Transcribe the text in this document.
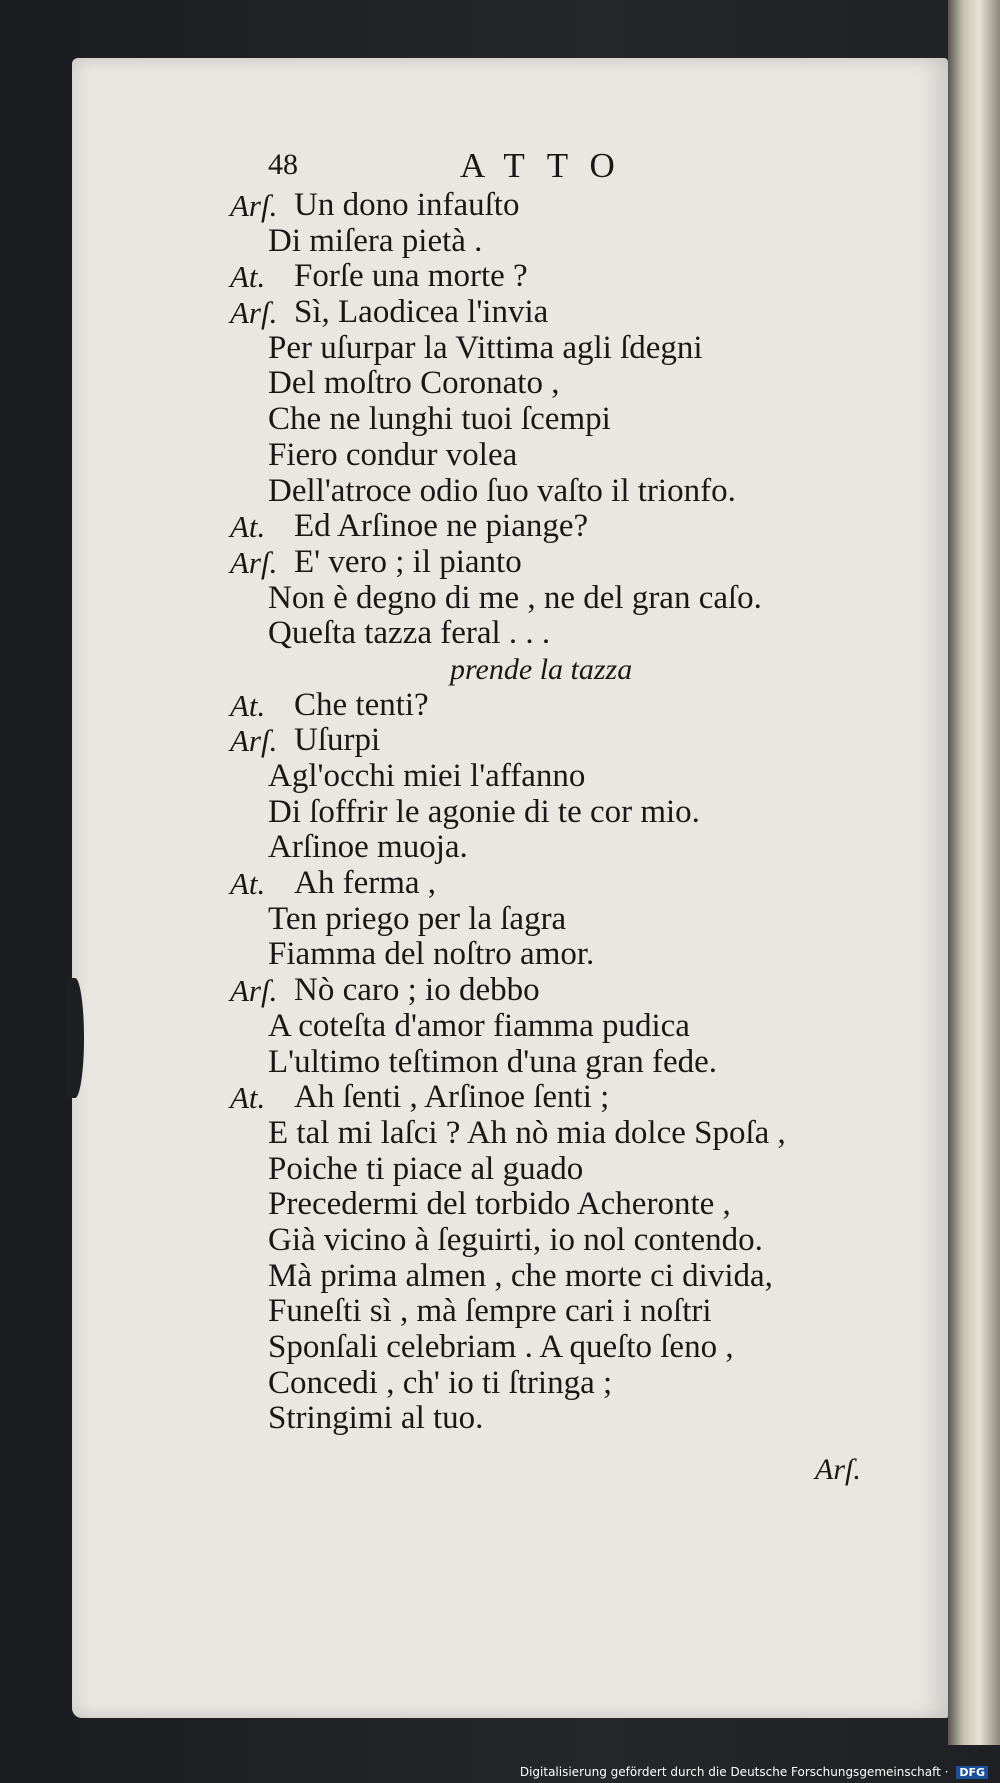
48	ATTO
Arſ. Un dono infauſto
Di miſera pietà .
At. Forſe una morte ?
Arſ. Sì, Laodicea l'invia
Per uſurpar la Vittima agli ſdegni
Del moſtro Coronato ,
Che ne lunghi tuoi ſcempi
Fiero condur volea
Dell'atroce odio ſuo vaſto il trionfo.
At. Ed Arſinoe ne piange?
Arſ. E' vero ; il pianto
Non è degno di me , ne del gran caſo.
Queſta tazza feral . . .
prende la tazza
At. Che tenti?
Arſ. Uſurpi
Agl'occhi miei l'affanno
Di ſoffrir le agonie di te cor mio.
Arſinoe muoja.
At. Ah ferma ,
Ten priego per la ſagra
Fiamma del noſtro amor.
Arſ. Nò caro ; io debbo
A coteſta d'amor fiamma pudica
L'ultimo teſtimon d'una gran fede.
At. Ah ſenti , Arſinoe ſenti ;
E tal mi laſci ? Ah nò mia dolce Spoſa ,
Poiche ti piace al guado
Precedermi del torbido Acheronte ,
Già vicino à ſeguirti, io nol contendo.
Mà prima almen , che morte ci divida,
Funeſti sì , mà ſempre cari i noſtri
Sponſali celebriam . A queſto ſeno ,
Concedi , ch' io ti ſtringa ;
Stringimi al tuo.
Arſ.
Digitalisierung gefördert durch die Deutsche Forschungsgemeinschaft · DFG
